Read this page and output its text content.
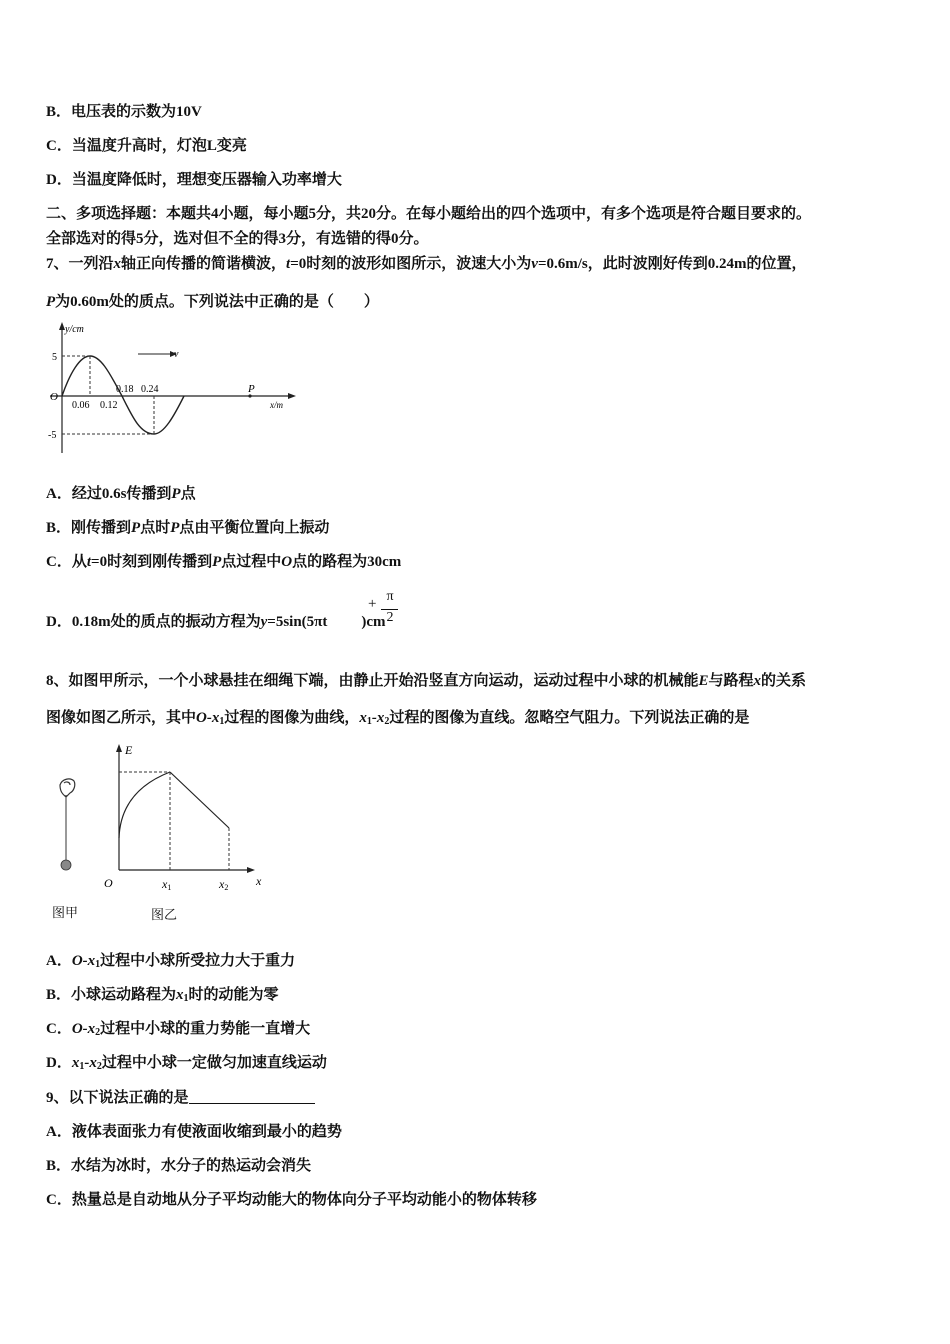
B．电压表的示数为10V
C．当温度升高时，灯泡L变亮
D．当温度降低时，理想变压器输入功率增大
二、多项选择题：本题共4小题，每小题5分，共20分。在每小题给出的四个选项中，有多个选项是符合题目要求的。
全部选对的得5分，选对但不全的得3分，有选错的得0分。
7、一列沿x轴正向传播的简谐横波，t=0时刻的波形如图所示，波速大小为v=0.6m/s，此时波刚好传到0.24m的位置，
P为0.60m处的质点。下列说法中正确的是（　　）
v
y/cm
x/m
5
-5
O
0.06 0.12
0.18 0.24	P
A．经过0.6s传播到P点
B．刚传播到P点时P点由平衡位置向上振动
C．从t=0时刻到刚传播到P点过程中O点的路程为30cm
D．0.18m处的质点的振动方程为y=5sin(5πt )cm
+ π
2
8、如图甲所示，一个小球悬挂在细绳下端，由静止开始沿竖直方向运动，运动过程中小球的机械能E与路程x的关系
图像如图乙所示，其中$O-x_1$过程的图像为曲线，$x_1-x_2$过程的图像为直线。忽略空气阻力。下列说法正确的是
图甲
E
O	x1	x2 x
图乙
A．$O-x_1$过程中小球所受拉力大于重力
B．小球运动路程为$x_1$时的动能为零
C．$O-x_2$过程中小球的重力势能一直增大
D．$x_1-x_2$过程中小球一定做匀加速直线运动
9、以下说法正确的是
A．液体表面张力有使液面收缩到最小的趋势
B．水结为冰时，水分子的热运动会消失
C．热量总是自动地从分子平均动能大的物体向分子平均动能小的物体转移
